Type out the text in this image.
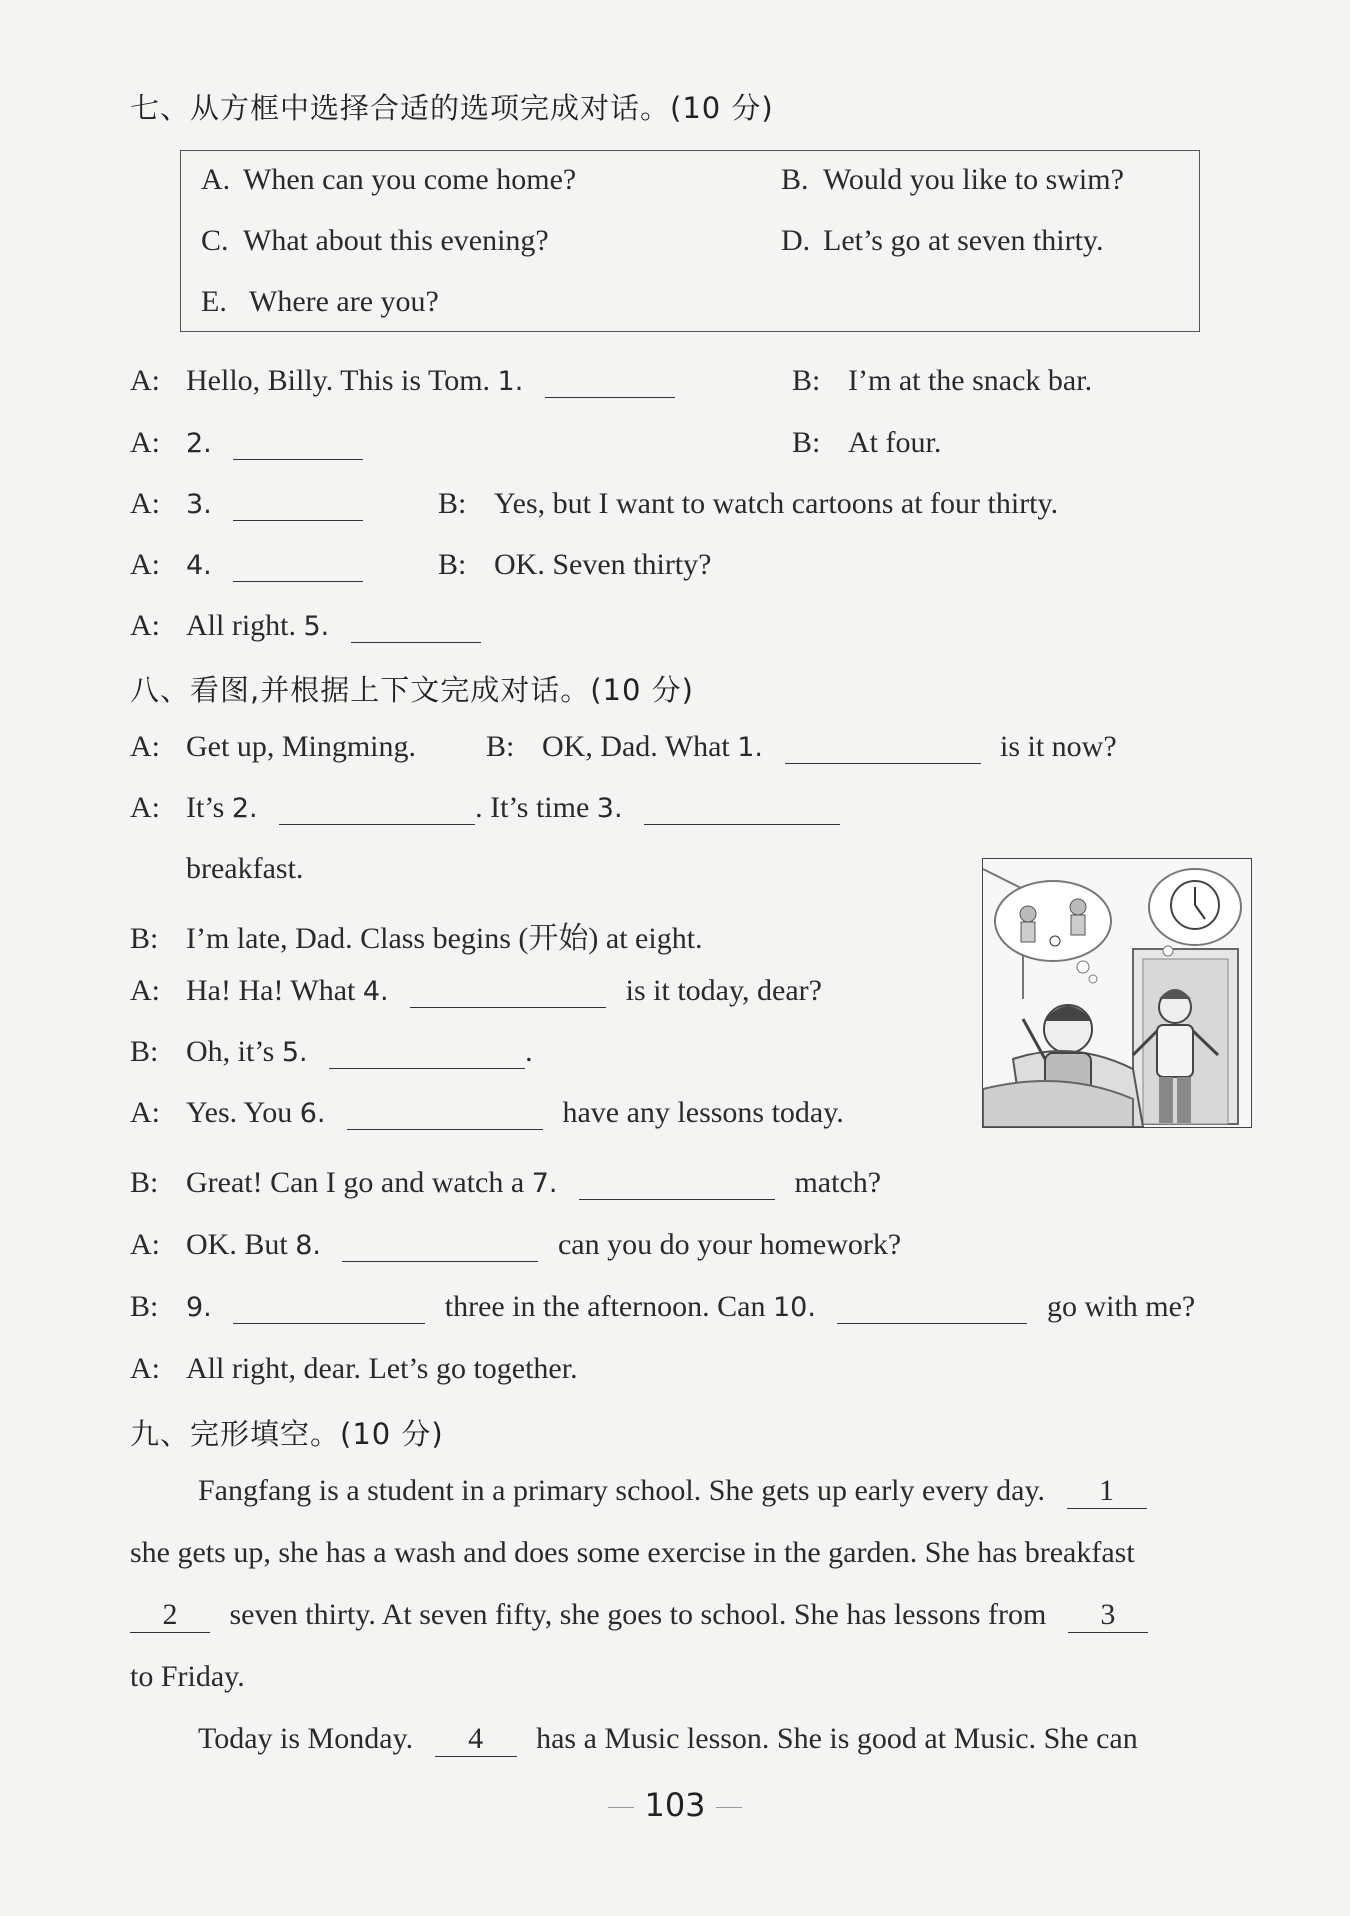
七、从方框中选择合适的选项完成对话。(10 分)
A. When can you come home?	B. Would you like to swim?
C. What about this evening?	D. Let’s go at seven thirty.
E. Where are you?
A: Hello, Billy. This is Tom. 1.	B: I’m at the snack bar.
A: 2.	B: At four.
A: 3.	B: Yes, but I want to watch cartoons at four thirty.
A: 4.	B: OK. Seven thirty?
A: All right. 5.
八、看图,并根据上下文完成对话。(10 分)
A: Get up, Mingming. B: OK, Dad. What 1.	is it now?
A: It’s 2.	. It’s time 3.
breakfast.
B: I’m late, Dad. Class begins (开始) at eight.
A: Ha! Ha! What 4.	is it today, dear?
B: Oh, it’s 5.	.
A: Yes. You 6.	have any lessons today.
B: Great! Can I go and watch a 7.	match?
A: OK. But 8.	can you do your homework?
B: 9.	three in the afternoon. Can 10.	go with me?
A: All right, dear. Let’s go together.
九、完形填空。(10 分)
Fangfang is a student in a primary school. She gets up early every day. 1
she gets up, she has a wash and does some exercise in the garden. She has breakfast
2 seven thirty. At seven fifty, she goes to school. She has lessons from 3
to Friday.
Today is Monday. 4 has a Music lesson. She is good at Music. She can
103
